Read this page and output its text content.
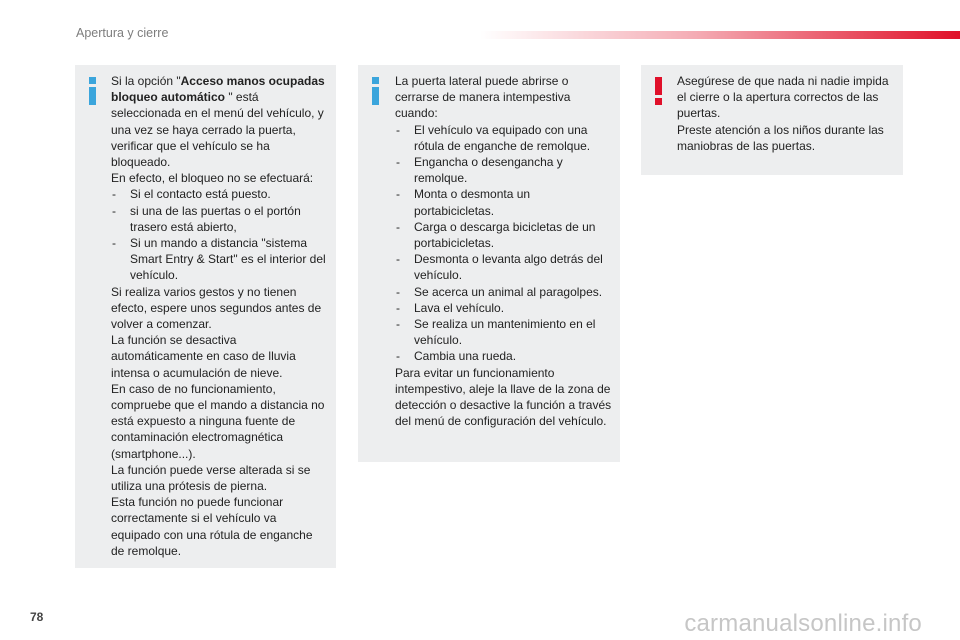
Apertura y cierre

Si la opción "Acceso manos ocupadas bloqueo automático " está seleccionada en el menú del vehículo, y una vez se haya cerrado la puerta, verificar que el vehículo se ha bloqueado.

En efecto, el bloqueo no se efectuará:

- Si el contacto está puesto.
- si una de las puertas o el portón trasero está abierto,
- Si un mando a distancia "sistema Smart Entry & Start" es el interior del vehículo.

Si realiza varios gestos y no tienen efecto, espere unos segundos antes de volver a comenzar.

La función se desactiva automáticamente en caso de lluvia intensa o acumulación de nieve.

En caso de no funcionamiento, compruebe que el mando a distancia no está expuesto a ninguna fuente de contaminación electromagnética (smartphone...).

La función puede verse alterada si se utiliza una prótesis de pierna.

Esta función no puede funcionar correctamente si el vehículo va equipado con una rótula de enganche de remolque.

La puerta lateral puede abrirse o cerrarse de manera intempestiva cuando:

- El vehículo va equipado con una rótula de enganche de remolque.
- Engancha o desengancha y remolque.
- Monta o desmonta un portabicicletas.
- Carga o descarga bicicletas de un portabicicletas.
- Desmonta o levanta algo detrás del vehículo.
- Se acerca un animal al paragolpes.
- Lava el vehículo.
- Se realiza un mantenimiento en el vehículo.
- Cambia una rueda.

Para evitar un funcionamiento intempestivo, aleje la llave de la zona de detección o desactive la función a través del menú de configuración del vehículo.

Asegúrese de que nada ni nadie impida el cierre o la apertura correctos de las puertas.

Preste atención a los niños durante las maniobras de las puertas.

78	carmanualsonline.info
